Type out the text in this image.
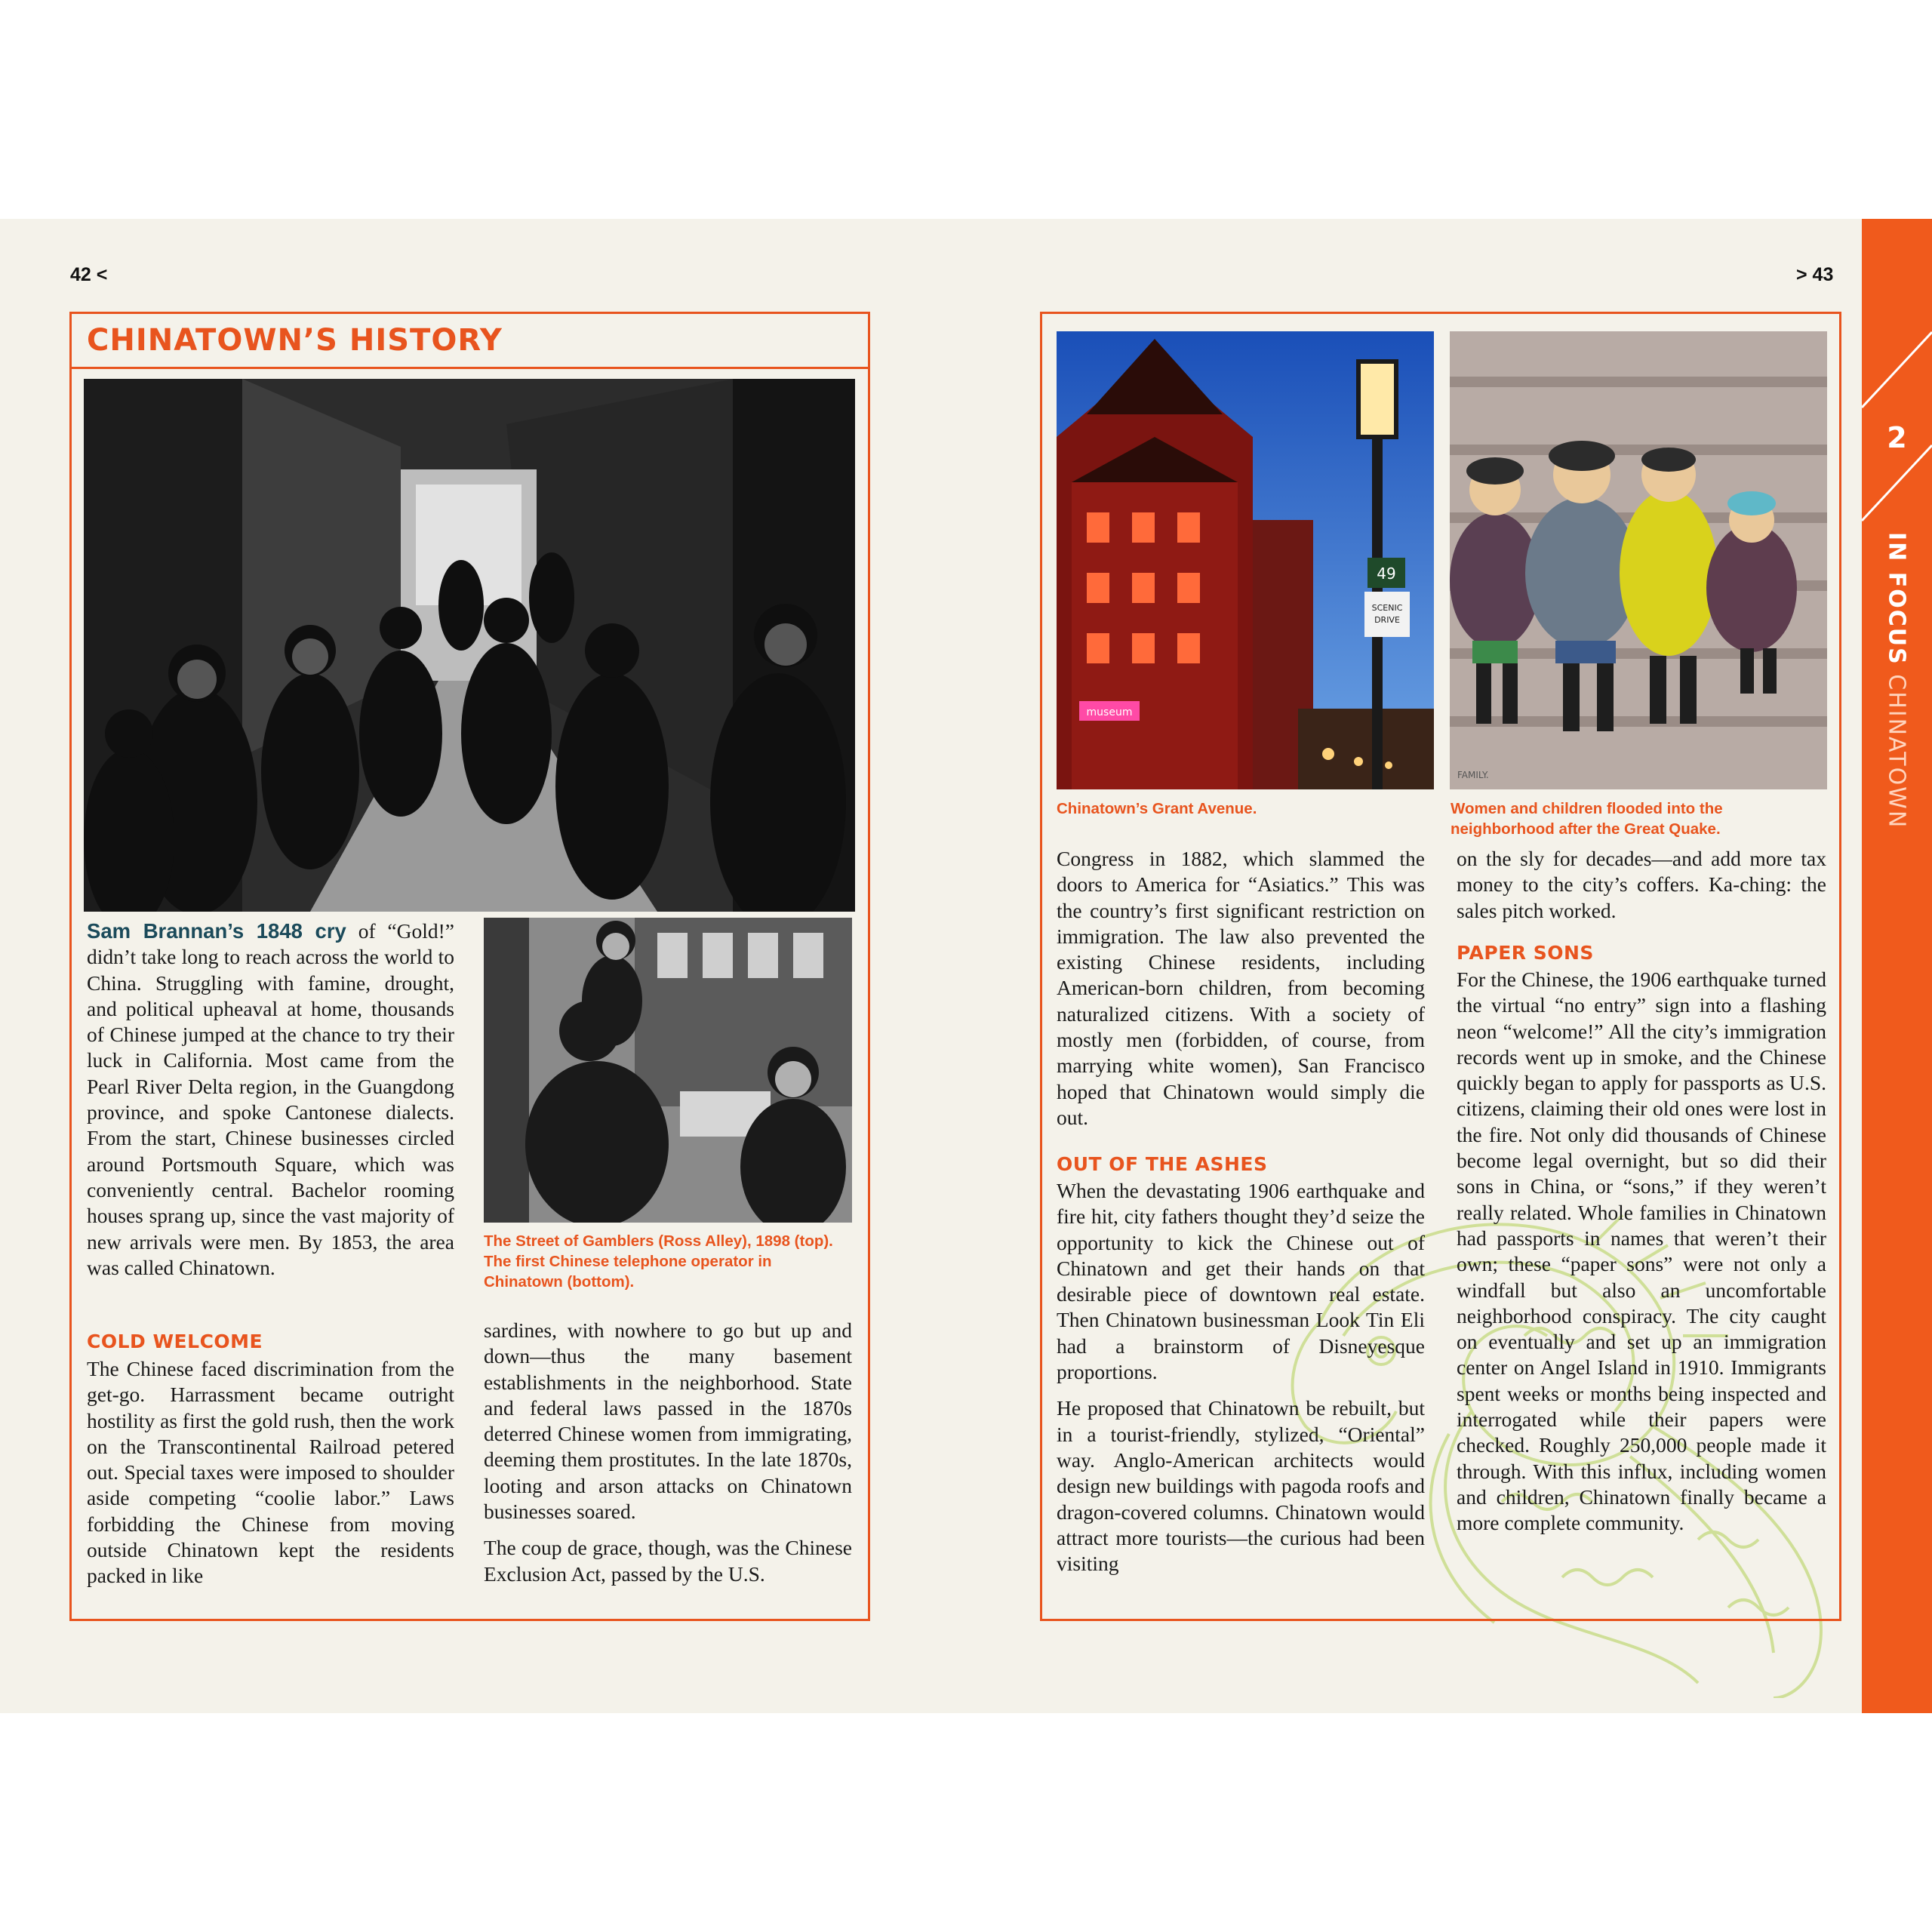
42 <
CHINATOWN’S HISTORY

Sam Brannan’s 1848 cry of “Gold!” didn’t take long to reach across the world to China. Struggling with famine, drought, and political upheaval at home, thousands of Chinese jumped at the chance to try their luck in California. Most came from the Pearl River Delta region, in the Guangdong province, and spoke Cantonese dialects. From the start, Chinese businesses circled around Portsmouth Square, which was conveniently central. Bachelor rooming houses sprang up, since the vast majority of new arrivals were men. By 1853, the area was called Chinatown.

COLD WELCOME

The Chinese faced discrimination from the get-go. Harrassment became outright hostility as first the gold rush, then the work on the Transcontinental Railroad petered out. Special taxes were imposed to shoulder aside competing “coolie labor.” Laws forbidding the Chinese from moving outside Chinatown kept the residents packed in like

The Street of Gamblers (Ross Alley), 1898 (top). The first Chinese telephone operator in Chinatown (bottom).

sardines, with nowhere to go but up and down—thus the many basement establishments in the neighborhood. State and federal laws passed in the 1870s deterred Chinese women from immigrating, deeming them prostitutes. In the late 1870s, looting and arson attacks on Chinatown businesses soared.

The coup de grace, though, was the Chinese Exclusion Act, passed by the U.S.

> 43
museum
49
SCENIC
DRIVE
FAMILY.
Chinatown’s Grant Avenue.	Women and children flooded into the neighborhood after the Great Quake.

Congress in 1882, which slammed the doors to America for “Asiatics.” This was the country’s first significant restriction on immigration. The law also prevented the existing Chinese residents, including American-born children, from becoming naturalized citizens. With a society of mostly men (forbidden, of course, from marrying white women), San Francisco hoped that Chinatown would simply die out.

OUT OF THE ASHES

When the devastating 1906 earthquake and fire hit, city fathers thought they’d seize the opportunity to kick the Chinese out of Chinatown and get their hands on that desirable piece of downtown real estate. Then Chinatown businessman Look Tin Eli had a brainstorm of Disneyesque proportions.

He proposed that Chinatown be rebuilt, but in a tourist-friendly, stylized, “Oriental” way. Anglo-American architects would design new buildings with pagoda roofs and dragon-covered columns. Chinatown would attract more tourists—the curious had been visiting

on the sly for decades—and add more tax money to the city’s coffers. Ka-ching: the sales pitch worked.

PAPER SONS

For the Chinese, the 1906 earthquake turned the virtual “no entry” sign into a flashing neon “welcome!” All the city’s immigration records went up in smoke, and the Chinese quickly began to apply for passports as U.S. citizens, claiming their old ones were lost in the fire. Not only did thousands of Chinese become legal overnight, but so did their sons in China, or “sons,” if they weren’t really related. Whole families in Chinatown had passports in names that weren’t their own; these “paper sons” were not only a windfall but also an uncomfortable neighborhood conspiracy. The city caught on eventually and set up an immigration center on Angel Island in 1910. Immigrants spent weeks or months being inspected and interrogated while their papers were checked. Roughly 250,000 people made it through. With this influx, including women and children, Chinatown finally became a more complete community.

2
IN FOCUS CHINATOWN
